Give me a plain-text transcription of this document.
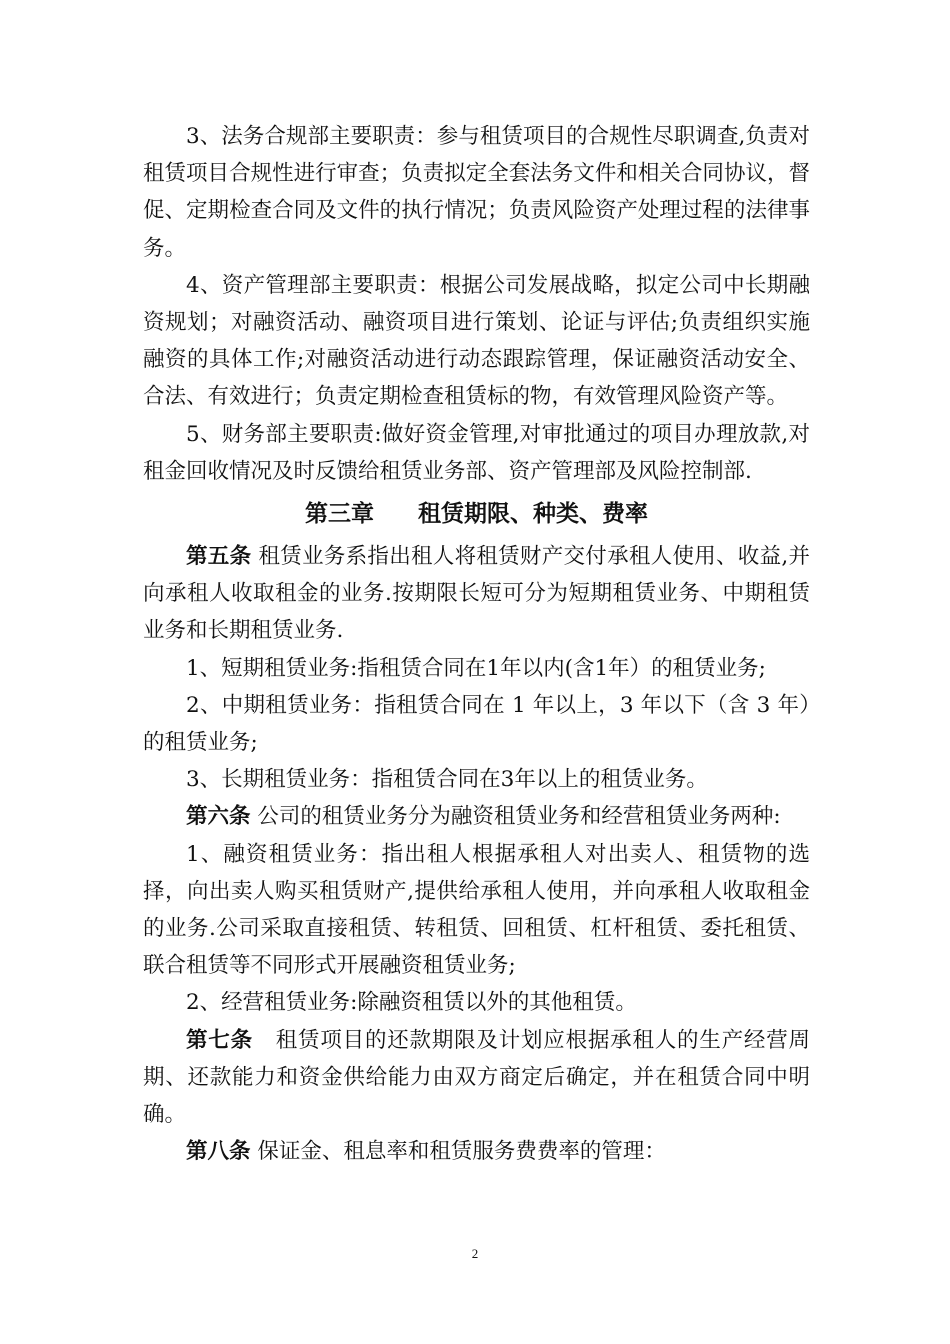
3、法务合规部主要职责：参与租赁项目的合规性尽职调查,负责对租赁项目合规性进行审查；负责拟定全套法务文件和相关合同协议，督促、定期检查合同及文件的执行情况；负责风险资产处理过程的法律事务。

4、资产管理部主要职责：根据公司发展战略，拟定公司中长期融资规划；对融资活动、融资项目进行策划、论证与评估;负责组织实施融资的具体工作;对融资活动进行动态跟踪管理，保证融资活动安全、合法、有效进行；负责定期检查租赁标的物，有效管理风险资产等。

5、财务部主要职责:做好资金管理,对审批通过的项目办理放款,对租金回收情况及时反馈给租赁业务部、资产管理部及风险控制部.

第三章 租赁期限、种类、费率

第五条 租赁业务系指出租人将租赁财产交付承租人使用、收益,并向承租人收取租金的业务.按期限长短可分为短期租赁业务、中期租赁业务和长期租赁业务.

1、短期租赁业务:指租赁合同在1年以内(含1年）的租赁业务;

2、中期租赁业务：指租赁合同在 1 年以上，3 年以下（含 3 年）的租赁业务;

3、长期租赁业务：指租赁合同在3年以上的租赁业务。

第六条 公司的租赁业务分为融资租赁业务和经营租赁业务两种:

1、融资租赁业务：指出租人根据承租人对出卖人、租赁物的选择，向出卖人购买租赁财产,提供给承租人使用，并向承租人收取租金的业务.公司采取直接租赁、转租赁、回租赁、杠杆租赁、委托租赁、联合租赁等不同形式开展融资租赁业务;

2、经营租赁业务:除融资租赁以外的其他租赁。

第七条   租赁项目的还款期限及计划应根据承租人的生产经营周期、还款能力和资金供给能力由双方商定后确定，并在租赁合同中明确。

第八条 保证金、租息率和租赁服务费费率的管理：

2
